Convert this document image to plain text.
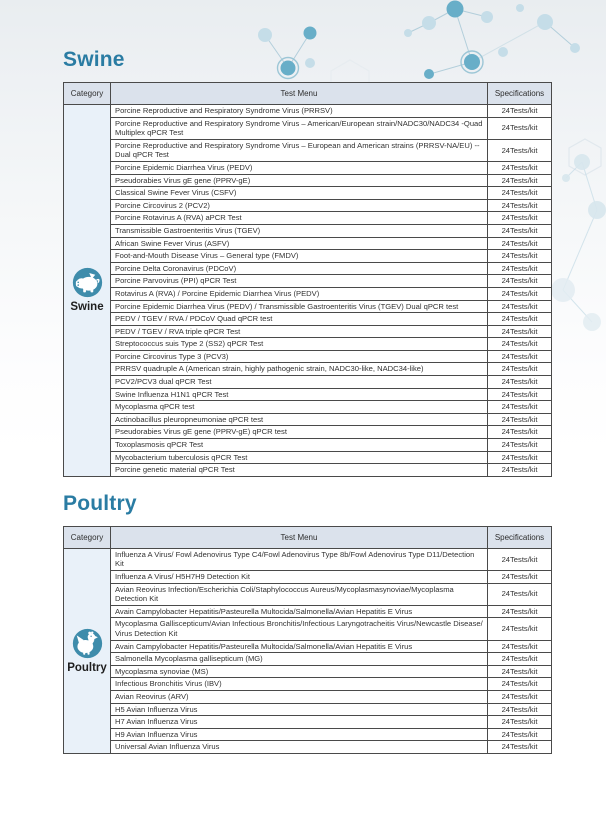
Swine
Category	Test Menu	Specifications

Swine	Porcine Reproductive and Respiratory Syndrome Virus (PRRSV)	24Tests/kit
	Porcine Reproductive and Respiratory Syndrome Virus – American/European strain/NADC30/NADC34 -Quad Multiplex qPCR Test	24Tests/kit
	Porcine Reproductive and Respiratory Syndrome Virus – European and American strains (PRRSV-NA/EU) -- Dual qPCR Test	24Tests/kit
	Porcine Epidemic Diarrhea Virus (PEDV)	24Tests/kit
	Pseudorabies Virus gE gene (PPRV-gE)	24Tests/kit
	Classical Swine Fever Virus (CSFV)	24Tests/kit
	Porcine Circovirus 2 (PCV2)	24Tests/kit
	Porcine Rotavirus A (RVA) aPCR Test	24Tests/kit
	Transmissible Gastroenteritis Virus (TGEV)	24Tests/kit
	African Swine Fever Virus (ASFV)	24Tests/kit
	Foot-and-Mouth Disease Virus – General type (FMDV)	24Tests/kit
	Porcine Delta Coronavirus (PDCoV)	24Tests/kit
	Porcine Parvovirus (PPI) qPCR Test	24Tests/kit
	Rotavirus A (RVA) / Porcine Epidemic Diarrhea Virus (PEDV)	24Tests/kit
	Porcine Epidemic Diarrhea Virus (PEDV) / Transmissible Gastroenteritis Virus (TGEV) Dual qPCR test	24Tests/kit
	PEDV / TGEV / RVA / PDCoV Quad qPCR test	24Tests/kit
	PEDV / TGEV / RVA triple qPCR Test	24Tests/kit
	Streptococcus suis Type 2 (SS2) qPCR Test	24Tests/kit
	Porcine Circovirus Type 3 (PCV3)	24Tests/kit
	PRRSV quadruple A (American strain, highly pathogenic strain, NADC30-like, NADC34-like)	24Tests/kit
	PCV2/PCV3 dual qPCR Test	24Tests/kit
	Swine Influenza H1N1 qPCR Test	24Tests/kit
	Mycoplasma qPCR test	24Tests/kit
	Actinobacillus pleuropneumoniae qPCR test	24Tests/kit
	Pseudorabies Virus gE gene (PPRV-gE) qPCR test	24Tests/kit
	Toxoplasmosis qPCR Test	24Tests/kit
	Mycobacterium tuberculosis qPCR Test	24Tests/kit
	Porcine genetic material qPCR Test	24Tests/kit
Poultry
Category	Test Menu	Specifications

Poultry	Influenza A Virus/ Fowl Adenovirus Type C4/Fowl Adenovirus Type 8b/Fowl Adenovirus Type D11/Detection Kit	24Tests/kit
	Influenza A Virus/ H5H7H9 Detection Kit	24Tests/kit
	Avian Reovirus Infection/Escherichia Coli/Staphylococcus Aureus/Mycoplasmasynoviae/Mycoplasma Detection Kit	24Tests/kit
	Avain Campylobacter Hepatitis/Pasteurella Multocida/Salmonella/Avian Hepatitis E Virus	24Tests/kit
	Mycoplasma Galliscepticum/Avian Infectious Bronchitis/Infectious Laryngotracheitis Virus/Newcastle Disease/ Virus Detection Kit	24Tests/kit
	Avain Campylobacter Hepatitis/Pasteurella Multocida/Salmonella/Avian Hepatitis E Virus	24Tests/kit
	Salmonella Mycoplasma gallisepticum (MG)	24Tests/kit
	Mycoplasma synoviae (MS)	24Tests/kit
	Infectious Bronchitis Virus (IBV)	24Tests/kit
	Avian Reovirus (ARV)	24Tests/kit
	H5 Avian Influenza Virus	24Tests/kit
	H7 Avian Influenza Virus	24Tests/kit
	H9 Avian Influenza Virus	24Tests/kit
	Universal Avian Influenza Virus	24Tests/kit
